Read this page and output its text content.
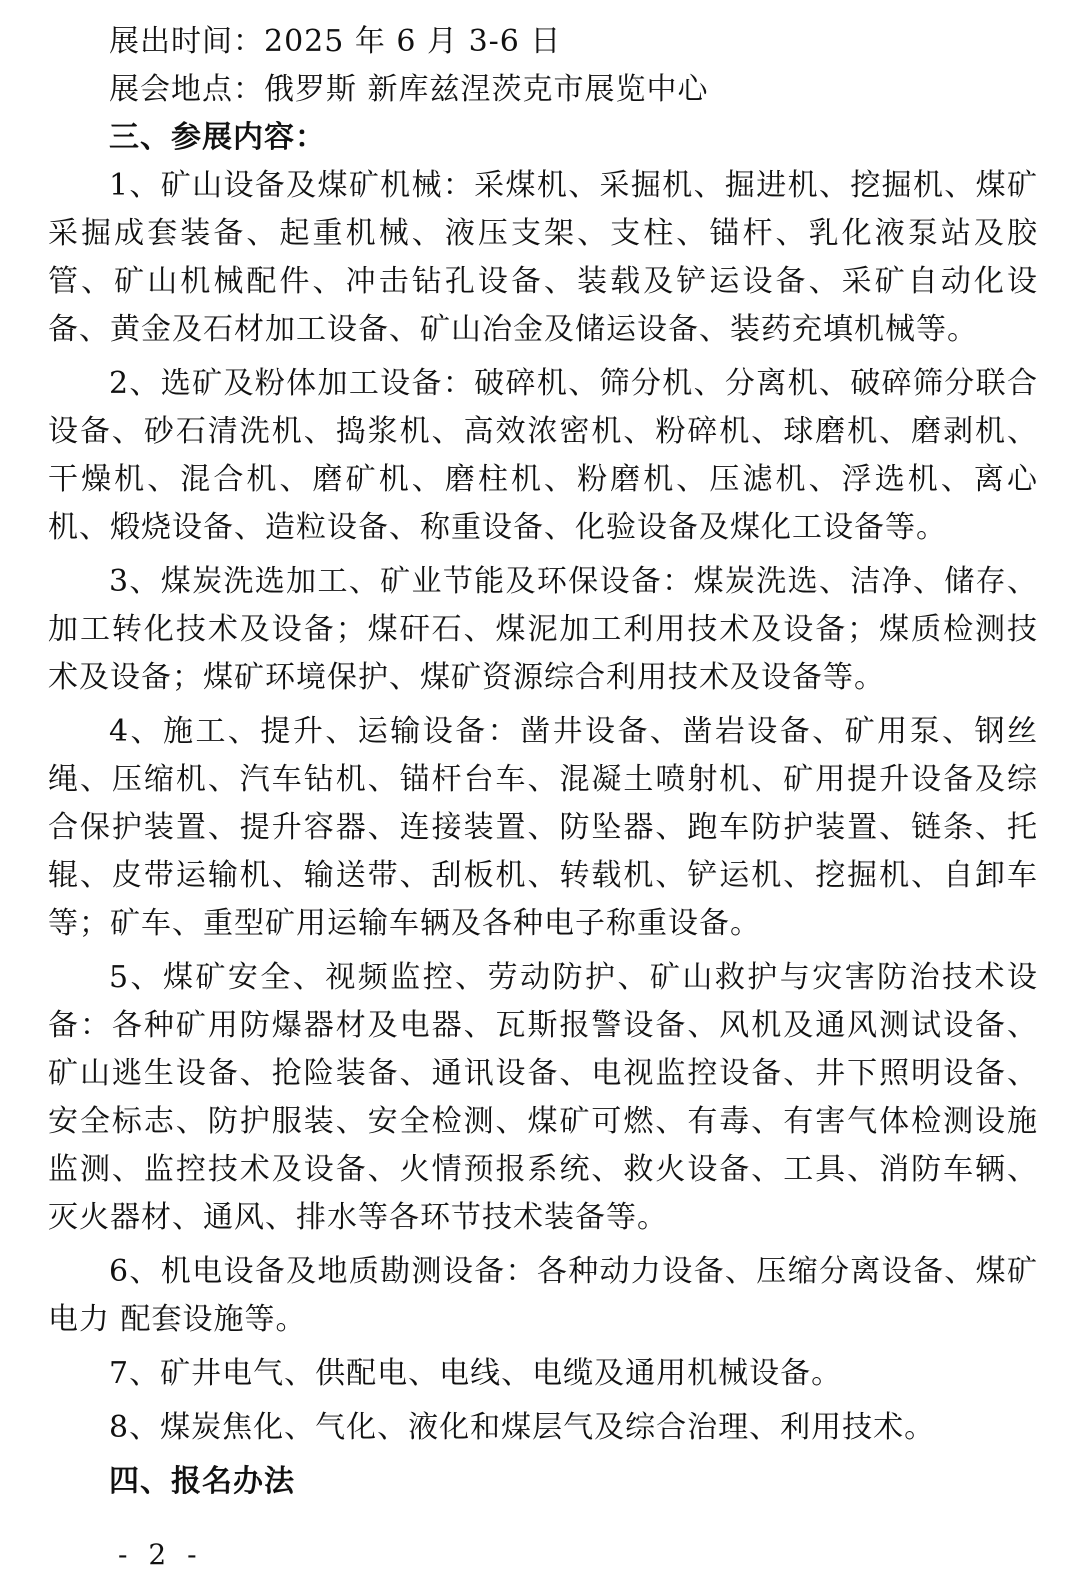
展出时间：2025 年 6 月 3-6 日

展会地点：俄罗斯 新库兹涅茨克市展览中心

三、参展内容：

1、矿山设备及煤矿机械：采煤机、采掘机、掘进机、挖掘机、煤矿采掘成套装备、起重机械、液压支架、支柱、锚杆、乳化液泵站及胶管、矿山机械配件、冲击钻孔设备、装载及铲运设备、采矿自动化设备、黄金及石材加工设备、矿山冶金及储运设备、装药充填机械等。

2、选矿及粉体加工设备：破碎机、筛分机、分离机、破碎筛分联合设备、砂石清洗机、捣浆机、高效浓密机、粉碎机、球磨机、磨剥机、干燥机、混合机、磨矿机、磨柱机、粉磨机、压滤机、浮选机、离心机、煅烧设备、造粒设备、称重设备、化验设备及煤化工设备等。

3、煤炭洗选加工、矿业节能及环保设备：煤炭洗选、洁净、储存、加工转化技术及设备；煤矸石、煤泥加工利用技术及设备；煤质检测技术及设备；煤矿环境保护、煤矿资源综合利用技术及设备等。

4、施工、提升、运输设备：凿井设备、凿岩设备、矿用泵、钢丝绳、压缩机、汽车钻机、锚杆台车、混凝土喷射机、矿用提升设备及综合保护装置、提升容器、连接装置、防坠器、跑车防护装置、链条、托辊、皮带运输机、输送带、刮板机、转载机、铲运机、挖掘机、自卸车等；矿车、重型矿用运输车辆及各种电子称重设备。

5、煤矿安全、视频监控、劳动防护、矿山救护与灾害防治技术设备：各种矿用防爆器材及电器、瓦斯报警设备、风机及通风测试设备、矿山逃生设备、抢险装备、通讯设备、电视监控设备、井下照明设备、安全标志、防护服装、安全检测、煤矿可燃、有毒、有害气体检测设施监测、监控技术及设备、火情预报系统、救火设备、工具、消防车辆、灭火器材、通风、排水等各环节技术装备等。

6、机电设备及地质勘测设备：各种动力设备、压缩分离设备、煤矿电力 配套设施等。

7、矿井电气、供配电、电线、电缆及通用机械设备。

8、煤炭焦化、气化、液化和煤层气及综合治理、利用技术。

四、报名办法

- 2 -
